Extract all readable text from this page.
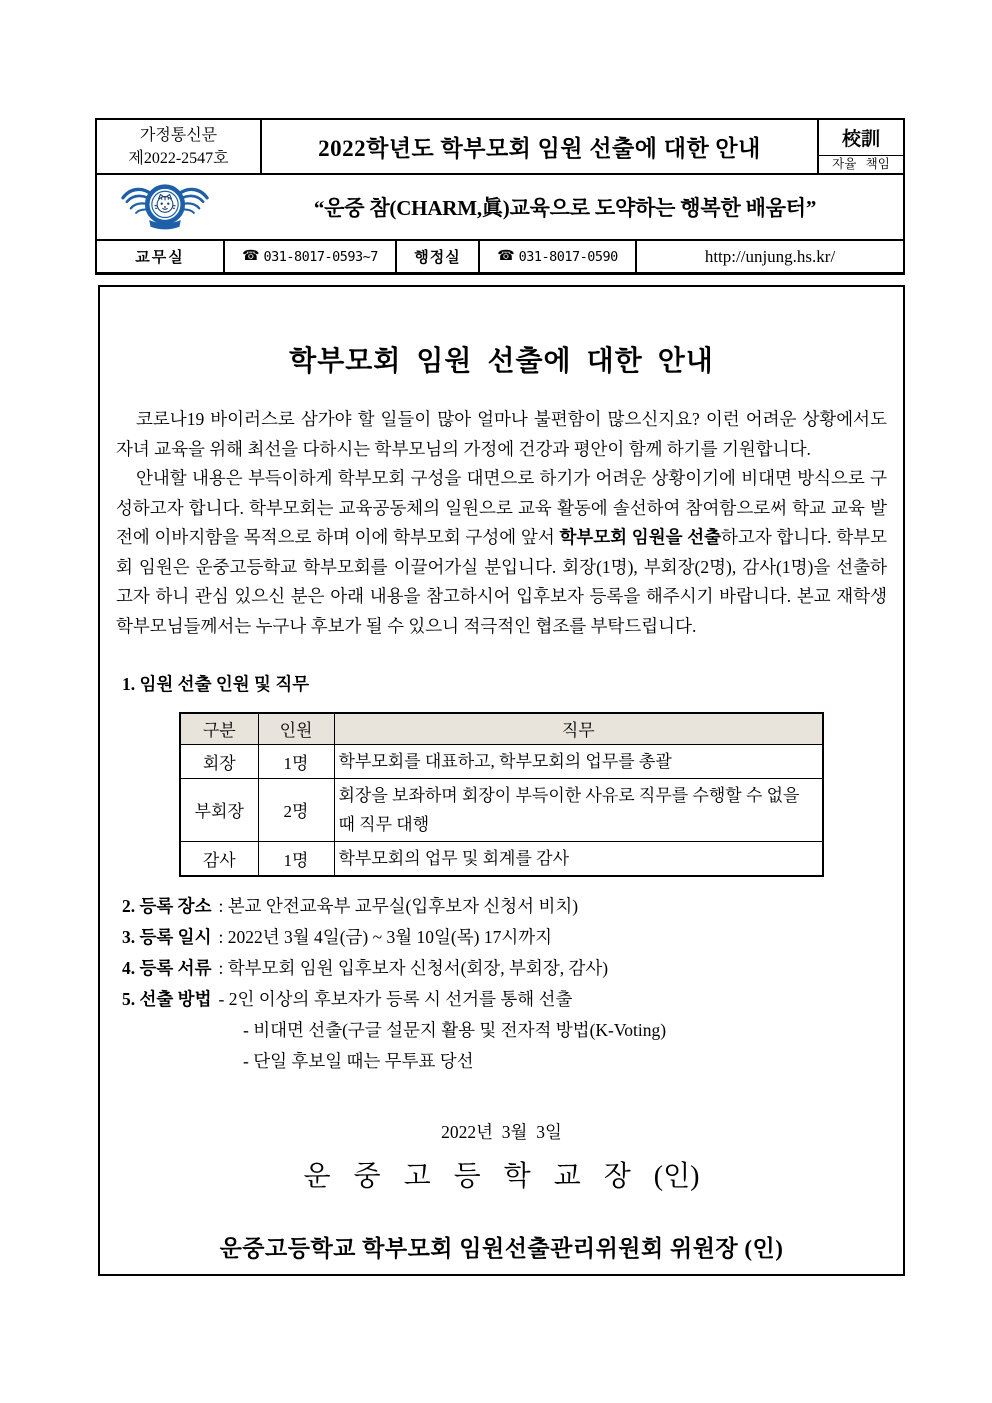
가정통신문
제2022-2547호	2022학년도 학부모회 임원 선출에 대한 안내	校訓
자율   책임
“운중 참(CHARM,眞)교육으로 도약하는 행복한 배움터”
교무실	☎ 031-8017-0593~7	행정실	☎ 031-8017-0590	http://unjung.hs.kr/
학부모회 임원 선출에 대한 안내

코로나19 바이러스로 삼가야 할 일들이 많아 얼마나 불편함이 많으신지요? 이런 어려운 상황에서도 자녀 교육을 위해 최선을 다하시는 학부모님의 가정에 건강과 평안이 함께 하기를 기원합니다.

안내할 내용은 부득이하게 학부모회 구성을 대면으로 하기가 어려운 상황이기에 비대면 방식으로 구성하고자 합니다. 학부모회는 교육공동체의 일원으로 교육 활동에 솔선하여 참여함으로써 학교 교육 발전에 이바지함을 목적으로 하며 이에 학부모회 구성에 앞서 학부모회 임원을 선출하고자 합니다. 학부모회 임원은 운중고등학교 학부모회를 이끌어가실 분입니다. 회장(1명), 부회장(2명), 감사(1명)을 선출하고자 하니 관심 있으신 분은 아래 내용을 참고하시어 입후보자 등록을 해주시기 바랍니다. 본교 재학생 학부모님들께서는 누구나 후보가 될 수 있으니 적극적인 협조를 부탁드립니다.

1. 임원 선출 인원 및 직무
구분	인원	직무
회장	1명	학부모회를 대표하고, 학부모회의 업무를 총괄
부회장	2명	회장을 보좌하며 회장이 부득이한 사유로 직무를 수행할 수 없을 때 직무 대행
감사	1명	학부모회의 업무 및 회계를 감사
2. 등록 장소 : 본교 안전교육부 교무실(입후보자 신청서 비치)
3. 등록 일시 : 2022년 3월 4일(금) ~ 3월 10일(목) 17시까지
4. 등록 서류 : 학부모회 임원 입후보자 신청서(회장, 부회장, 감사)
5. 선출 방법 - 2인 이상의 후보자가 등록 시 선거를 통해 선출
- 비대면 선출(구글 설문지 활용 및 전자적 방법(K-Voting)
- 단일 후보일 때는 무투표 당선
2022년  3월  3일
운 중 고 등 학 교 장 (인)
운중고등학교 학부모회 임원선출관리위원회 위원장 (인)
